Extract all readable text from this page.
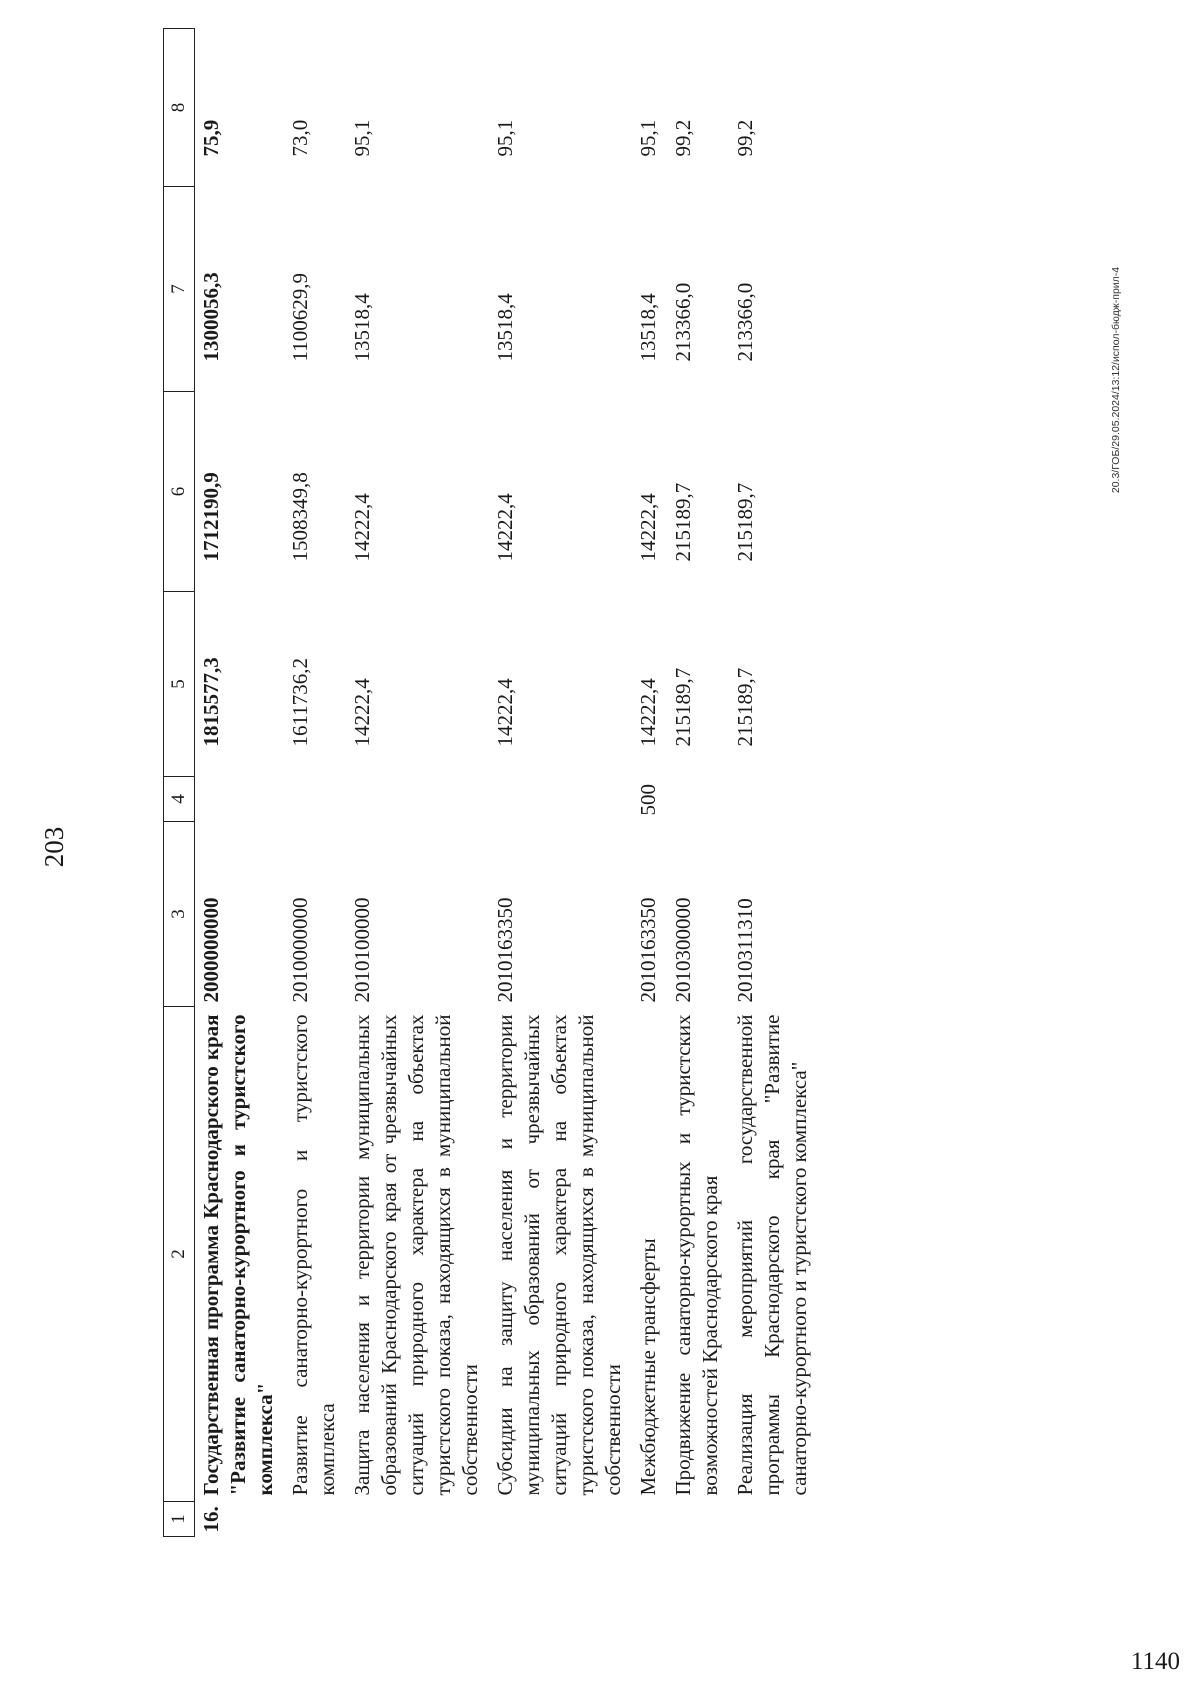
203
20.3/ГОБ/29.05.2024/13:12/испол-бюдж-прил-4
1	2	3	4	5	6	7	8
16.	Государственная программа Краснодарского края "Развитие санаторно-курортного и туристского комплекса"	2000000000		1815577,3	1712190,9	1300056,3	75,9
	Развитие санаторно-курортного и туристского комплекса	2010000000		1611736,2	1508349,8	1100629,9	73,0
	Защита населения и территории муниципальных образований Краснодарского края от чрезвычайных ситуаций природного характера на объектах туристского показа, находящихся в муниципальной собственности	2010100000		14222,4	14222,4	13518,4	95,1
	Субсидии на защиту населения и территории муниципальных образований от чрезвычайных ситуаций природного характера на объектах туристского показа, находящихся в муниципальной собственности	2010163350		14222,4	14222,4	13518,4	95,1
	Межбюджетные трансферты	2010163350	500	14222,4	14222,4	13518,4	95,1
	Продвижение санаторно-курортных и туристских возможностей Краснодарского края	2010300000		215189,7	215189,7	213366,0	99,2
	Реализация мероприятий государственной программы Краснодарского края "Развитие санаторно-курортного и туристского комплекса"	2010311310		215189,7	215189,7	213366,0	99,2
1140
